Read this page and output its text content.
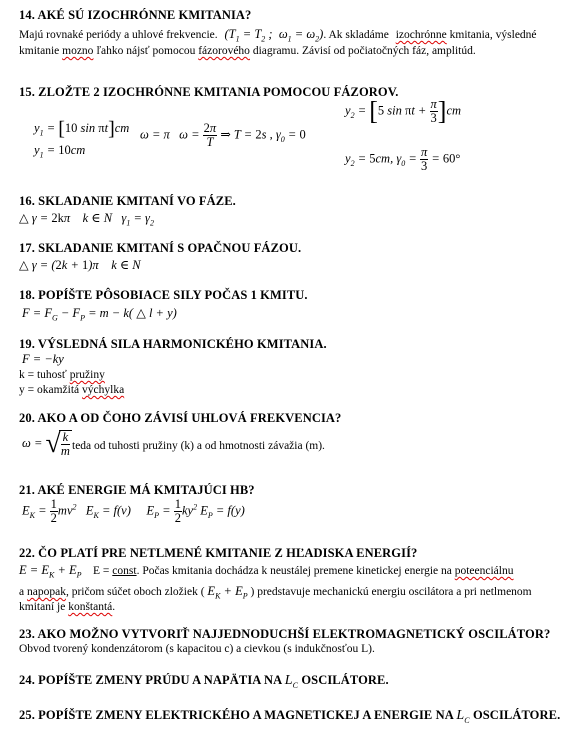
14. AKÉ SÚ IZOCHRÓNNE KMITANIA?
Majú rovnaké periódy a uhlové frekvencie. ($T_1 = T_2$ ;  $\omega_1 = \omega_2$). Ak skladáme izochrónne kmitania, výsledné
kmitanie mozno ľahko nájsť pomocou fázorového diagramu. Závisí od počiatočných fáz, amplitúd.
15. ZLOŽTE 2 IZOCHRÓNNE KMITANIA POMOCOU FÁZOROV.
$y_1 = [10$ sin πt]cm
$y_1 = 10cm$
ω = π   $\omega = \frac{2\pi}{T}$ ⇒ T = 2s , $\gamma_0 = 0$
$y_2 = [5$ $\sin \pi t + \frac{\pi}{3} ]cm$
$y_2 = 5cm$, $\gamma_0 = \frac{\pi}{3} = 60^\circ$
16. SKLADANIE KMITANÍ VO FÁZE.
△ γ = 2kπ    k ∈ N   $\gamma_1 = \gamma_2$
17. SKLADANIE KMITANÍ S OPAČNOU FÁZOU.
△ γ = (2k + 1)π    k ∈ N
18. POPÍŠTE PÔSOBIACE SILY POČAS 1 KMITU.
$F = F_G - F_P = m - k$( △ l + y)
19. VÝSLEDNÁ SILA HARMONICKÉHO KMITANIA.
F = −ky
k = tuhosť pružiny
y = okamžitá výchylka
20. AKO A OD ČOHO ZÁVISÍ UHLOVÁ FREKVENCIA?
ω = √
$\frac{k}{m}$ teda od tuhosti pružiny (k) a od hmotnosti závažia (m).
21. AKÉ ENERGIE MÁ KMITAJÚCI HB?
$E_K = \frac{1}{2} mv^2$   $E_K = f(v)$     $E_P = \frac{1}{2} ky^2$ $E_P = f(y)$
22. ČO PLATÍ PRE NETLMENÉ KMITANIE Z HĽADISKA ENERGIÍ?
$E = E_K + E_P$ E = const. Počas kmitania dochádza k neustálej premene kinetickej energie na poteenciálnu
a napopak, pričom súčet oboch zložiek ( $E_K + E_P$ ) predstavuje mechanickú energiu oscilátora a pri netlmenom
kmitaní je konštantá.
23. AKO MOŽNO VYTVORIŤ NAJJEDNODUCHŠÍ ELEKTROMAGNETICKÝ OSCILÁTOR?
Obvod tvorený kondenzátorom (s kapacitou c) a cievkou (s indukčnosťou L).
24. POPÍŠTE ZMENY PRÚDU A NAPÄTIA NA $L_C$ OSCILÁTORE.
25. POPÍŠTE ZMENY ELEKTRICKÉHO A MAGNETICKEJ A ENERGIE NA $L_C$ OSCILÁTORE.
